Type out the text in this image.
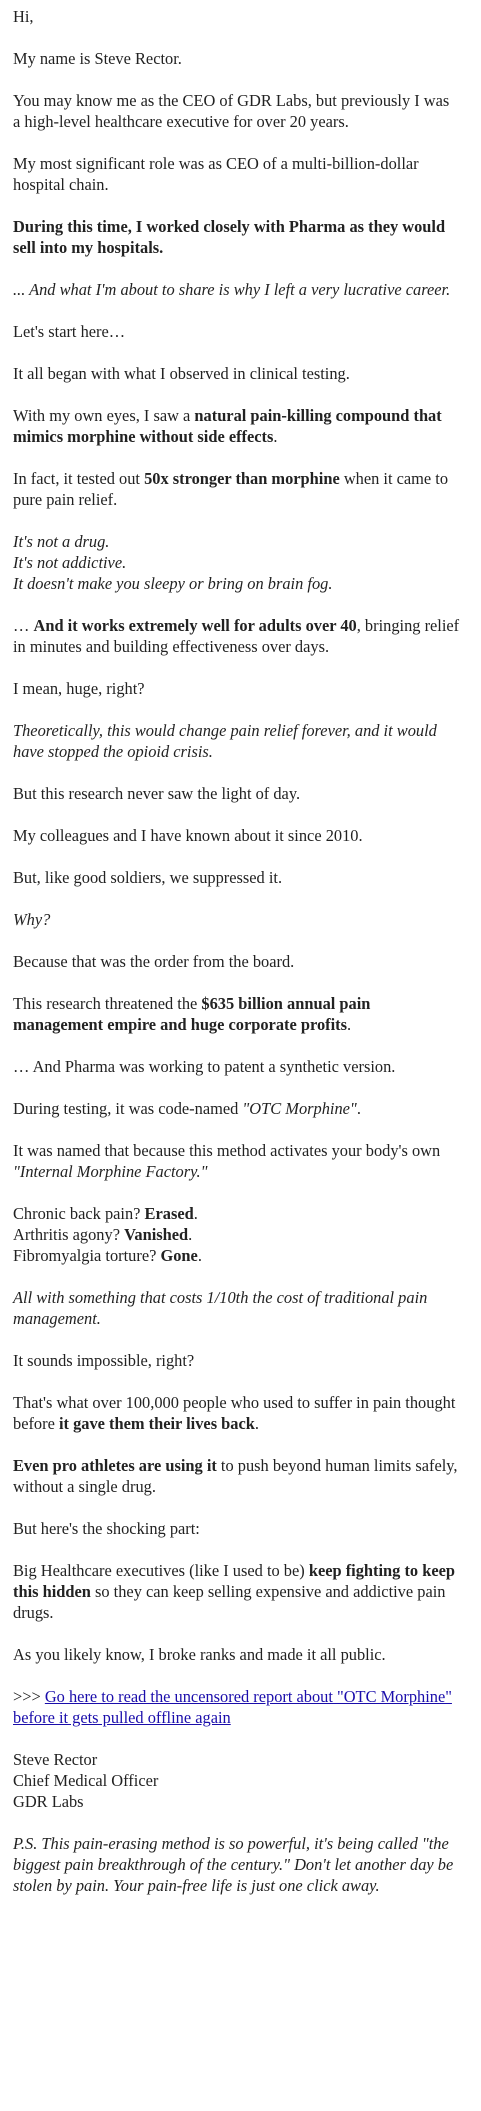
Hi,

My name is Steve Rector.

You may know me as the CEO of GDR Labs, but previously I was
a high-level healthcare executive for over 20 years.

My most significant role was as CEO of a multi-billion-dollar hospital chain.

During this time, I worked closely with Pharma as they would sell into my hospitals.

... And what I'm about to share is why I left a very lucrative career.

Let's start here…

It all began with what I observed in clinical testing.

With my own eyes, I saw a natural pain-killing compound that mimics morphine without side effects.

In fact, it tested out 50x stronger than morphine when it came to pure pain relief.

It's not a drug.
It's not addictive.
It doesn't make you sleepy or bring on brain fog.

… And it works extremely well for adults over 40, bringing relief in minutes and building effectiveness over days.

I mean, huge, right?

Theoretically, this would change pain relief forever, and it would have stopped the opioid crisis.

But this research never saw the light of day.

My colleagues and I have known about it since 2010.

But, like good soldiers, we suppressed it.

Why?

Because that was the order from the board.

This research threatened the $635 billion annual pain management empire and huge corporate profits.

… And Pharma was working to patent a synthetic version.

During testing, it was code-named "OTC Morphine".

It was named that because this method activates your body's own "Internal Morphine Factory."

Chronic back pain? Erased.
Arthritis agony? Vanished.
Fibromyalgia torture? Gone.

All with something that costs 1/10th the cost of traditional pain management.

It sounds impossible, right?

That's what over 100,000 people who used to suffer in pain thought before it gave them their lives back.

Even pro athletes are using it to push beyond human limits safely, without a single drug.

But here's the shocking part:

Big Healthcare executives (like I used to be) keep fighting to keep this hidden so they can keep selling expensive and addictive pain drugs.

As you likely know, I broke ranks and made it all public.

>>> Go here to read the uncensored report about "OTC Morphine" before it gets pulled offline again

Steve Rector
Chief Medical Officer
GDR Labs

P.S. This pain-erasing method is so powerful, it's being called "the biggest pain breakthrough of the century." Don't let another day be stolen by pain. Your pain-free life is just one click away.
